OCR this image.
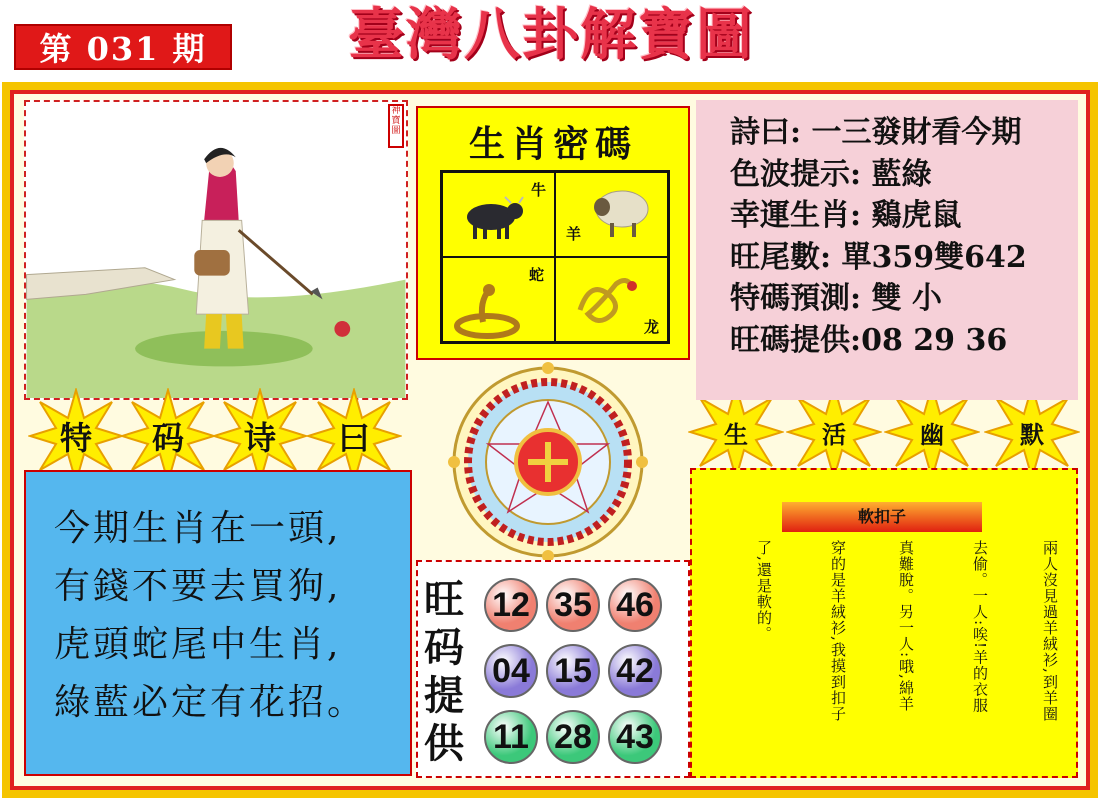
第 031 期	臺灣八卦解寶圖
神寶圖
特 码 诗 曰	生	活	幽	默
今期生肖在一頭,
有錢不要去買狗,
虎頭蛇尾中生肖,
綠藍必定有花招。
生肖密碼
牛
羊
蛇
龙
詩曰: 一三發財看今期
色波提示: 藍綠
幸運生肖: 鷄虎鼠
旺尾數: 單359雙642
特碼預測: 雙 小
旺碼提供:08 29 36
旺
码
提
供
12 35 46
04 15 42
11 28 43
軟扣子
兩人沒見過羊絨衫,到羊圈
去偷。一人:唉!羊的衣服
真難脫。另一人:哦,綿羊
穿的是羊絨衫,我摸到扣子
了,還是軟的。
